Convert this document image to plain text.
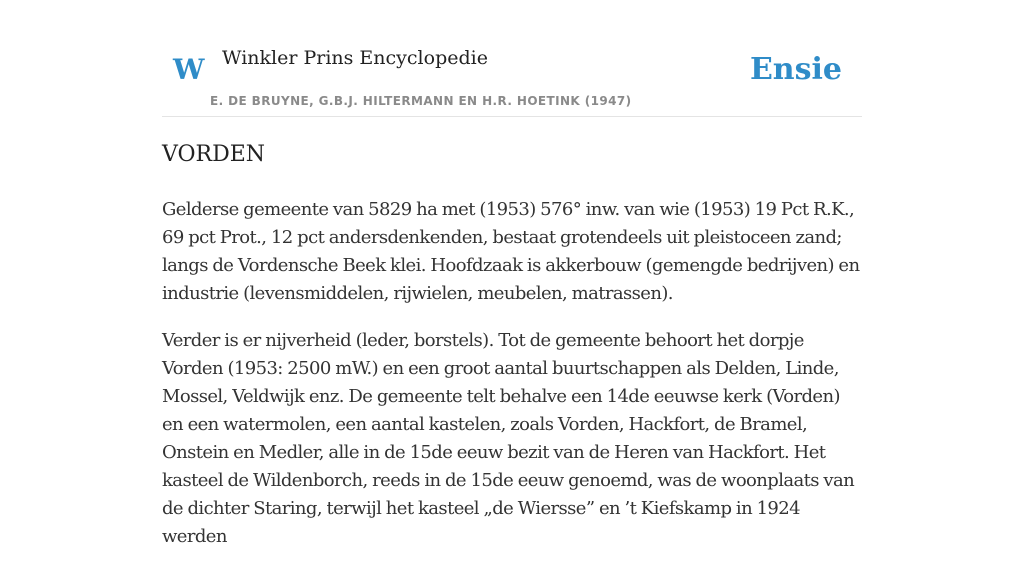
W Winkler Prins Encyclopedie
E. DE BRUYNE, G.B.J. HILTERMANN EN H.R. HOETINK (1947)
Ensie
VORDEN

Gelderse gemeente van 5829 ha met (1953) 576° inw. van wie (1953) 19 Pct R.K., 69 pct Prot., 12 pct andersdenkenden, bestaat grotendeels uit pleistoceen zand; langs de Vordensche Beek klei. Hoofdzaak is akkerbouw (gemengde bedrijven) en industrie (levensmiddelen, rijwielen, meubelen, matrassen).

Verder is er nijverheid (leder, borstels). Tot de gemeente behoort het dorpje Vorden (1953: 2500 mW.) en een groot aantal buurtschappen als Delden, Linde, Mossel, Veldwijk enz. De gemeente telt behalve een 14de eeuwse kerk (Vorden) en een watermolen, een aantal kastelen, zoals Vorden, Hackfort, de Bramel, Onstein en Medler, alle in de 15de eeuw bezit van de Heren van Hackfort. Het kasteel de Wildenborch, reeds in de 15de eeuw genoemd, was de woonplaats van de dichter Staring, terwijl het kasteel „de Wiersse” en ’t Kiefskamp in 1924 werden
